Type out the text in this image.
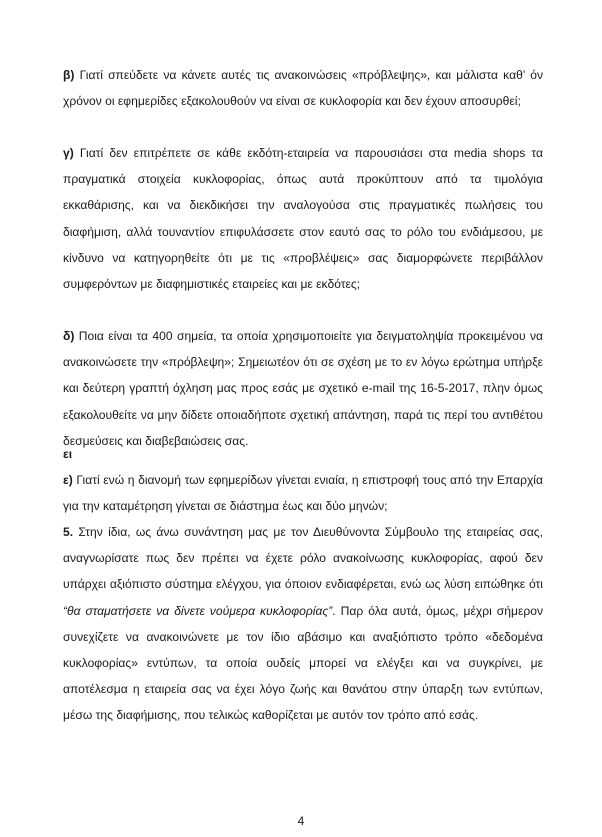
β) Γιατί σπεύδετε να κάνετε αυτές τις ανακοινώσεις «πρόβλεψης», και μάλιστα καθ’ όν χρόνον οι εφημερίδες εξακολουθούν να είναι σε κυκλοφορία και δεν έχουν αποσυρθεί;

γ) Γιατί δεν επιτρέπετε σε κάθε εκδότη-εταιρεία να παρουσιάσει στα media shops τα πραγματικά στοιχεία κυκλοφορίας, όπως αυτά προκύπτουν από τα τιμολόγια εκκαθάρισης, και να διεκδικήσει την αναλογούσα στις πραγματικές πωλήσεις του διαφήμιση, αλλά τουναντίον επιφυλάσσετε στον εαυτό σας το ρόλο του ενδιάμεσου, με κίνδυνο να κατηγορηθείτε ότι με τις «προβλέψεις» σας διαμορφώνετε περιβάλλον συμφερόντων με διαφημιστικές εταιρείες και με εκδότες;

δ) Ποια είναι τα 400 σημεία, τα οποία χρησιμοποιείτε για δειγματοληψία προκειμένου να ανακοινώσετε την «πρόβλεψη»; Σημειωτέον ότι σε σχέση με το εν λόγω ερώτημα υπήρξε και δεύτερη γραπτή όχληση μας προς εσάς με σχετικό e-mail της 16-5-2017, πλην όμως εξακολουθείτε να μην δίδετε οποιαδήποτε σχετική απάντηση, παρά τις περί του αντιθέτου δεσμεύσεις και διαβεβαιώσεις σας.

ει

ε) Γιατί ενώ η διανομή των εφημερίδων γίνεται ενιαία, η επιστροφή τους από την Επαρχία για την καταμέτρηση γίνεται σε διάστημα έως και δύο μηνών;

5. Στην ίδια, ως άνω συνάντηση μας με τον Διευθύνοντα Σύμβουλο της εταιρείας σας, αναγνωρίσατε πως δεν πρέπει να έχετε ρόλο ανακοίνωσης κυκλοφορίας, αφού δεν υπάρχει αξιόπιστο σύστημα ελέγχου, για όποιον ενδιαφέρεται, ενώ ως λύση ειπώθηκε ότι “θα σταματήσετε να δίνετε νούμερα κυκλοφορίας”. Παρ όλα αυτά, όμως, μέχρι σήμερον συνεχίζετε να ανακοινώνετε με τον ίδιο αβάσιμο και αναξιόπιστο τρόπο «δεδομένα κυκλοφορίας» εντύπων, τα οποία ουδείς μπορεί να ελέγξει και να συγκρίνει, με αποτέλεσμα η εταιρεία σας να έχει λόγο ζωής και θανάτου στην ύπαρξη των εντύπων, μέσω της διαφήμισης, που τελικώς καθορίζεται με αυτόν τον τρόπο από εσάς.

4
